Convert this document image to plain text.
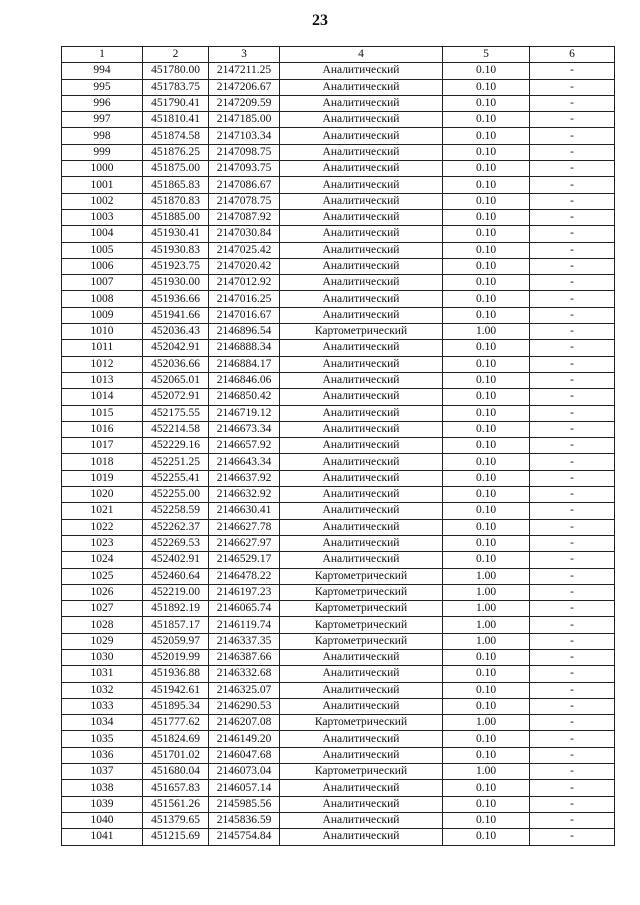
23
1	2	3	4	5	6
994	451780.00	2147211.25	Аналитический	0.10	-
995	451783.75	2147206.67	Аналитический	0.10	-
996	451790.41	2147209.59	Аналитический	0.10	-
997	451810.41	2147185.00	Аналитический	0.10	-
998	451874.58	2147103.34	Аналитический	0.10	-
999	451876.25	2147098.75	Аналитический	0.10	-
1000	451875.00	2147093.75	Аналитический	0.10	-
1001	451865.83	2147086.67	Аналитический	0.10	-
1002	451870.83	2147078.75	Аналитический	0.10	-
1003	451885.00	2147087.92	Аналитический	0.10	-
1004	451930.41	2147030.84	Аналитический	0.10	-
1005	451930.83	2147025.42	Аналитический	0.10	-
1006	451923.75	2147020.42	Аналитический	0.10	-
1007	451930.00	2147012.92	Аналитический	0.10	-
1008	451936.66	2147016.25	Аналитический	0.10	-
1009	451941.66	2147016.67	Аналитический	0.10	-
1010	452036.43	2146896.54	Картометрический	1.00	-
1011	452042.91	2146888.34	Аналитический	0.10	-
1012	452036.66	2146884.17	Аналитический	0.10	-
1013	452065.01	2146846.06	Аналитический	0.10	-
1014	452072.91	2146850.42	Аналитический	0.10	-
1015	452175.55	2146719.12	Аналитический	0.10	-
1016	452214.58	2146673.34	Аналитический	0.10	-
1017	452229.16	2146657.92	Аналитический	0.10	-
1018	452251.25	2146643.34	Аналитический	0.10	-
1019	452255.41	2146637.92	Аналитический	0.10	-
1020	452255.00	2146632.92	Аналитический	0.10	-
1021	452258.59	2146630.41	Аналитический	0.10	-
1022	452262.37	2146627.78	Аналитический	0.10	-
1023	452269.53	2146627.97	Аналитический	0.10	-
1024	452402.91	2146529.17	Аналитический	0.10	-
1025	452460.64	2146478.22	Картометрический	1.00	-
1026	452219.00	2146197.23	Картометрический	1.00	-
1027	451892.19	2146065.74	Картометрический	1.00	-
1028	451857.17	2146119.74	Картометрический	1.00	-
1029	452059.97	2146337.35	Картометрический	1.00	-
1030	452019.99	2146387.66	Аналитический	0.10	-
1031	451936.88	2146332.68	Аналитический	0.10	-
1032	451942.61	2146325.07	Аналитический	0.10	-
1033	451895.34	2146290.53	Аналитический	0.10	-
1034	451777.62	2146207.08	Картометрический	1.00	-
1035	451824.69	2146149.20	Аналитический	0.10	-
1036	451701.02	2146047.68	Аналитический	0.10	-
1037	451680.04	2146073.04	Картометрический	1.00	-
1038	451657.83	2146057.14	Аналитический	0.10	-
1039	451561.26	2145985.56	Аналитический	0.10	-
1040	451379.65	2145836.59	Аналитический	0.10	-
1041	451215.69	2145754.84	Аналитический	0.10	-
